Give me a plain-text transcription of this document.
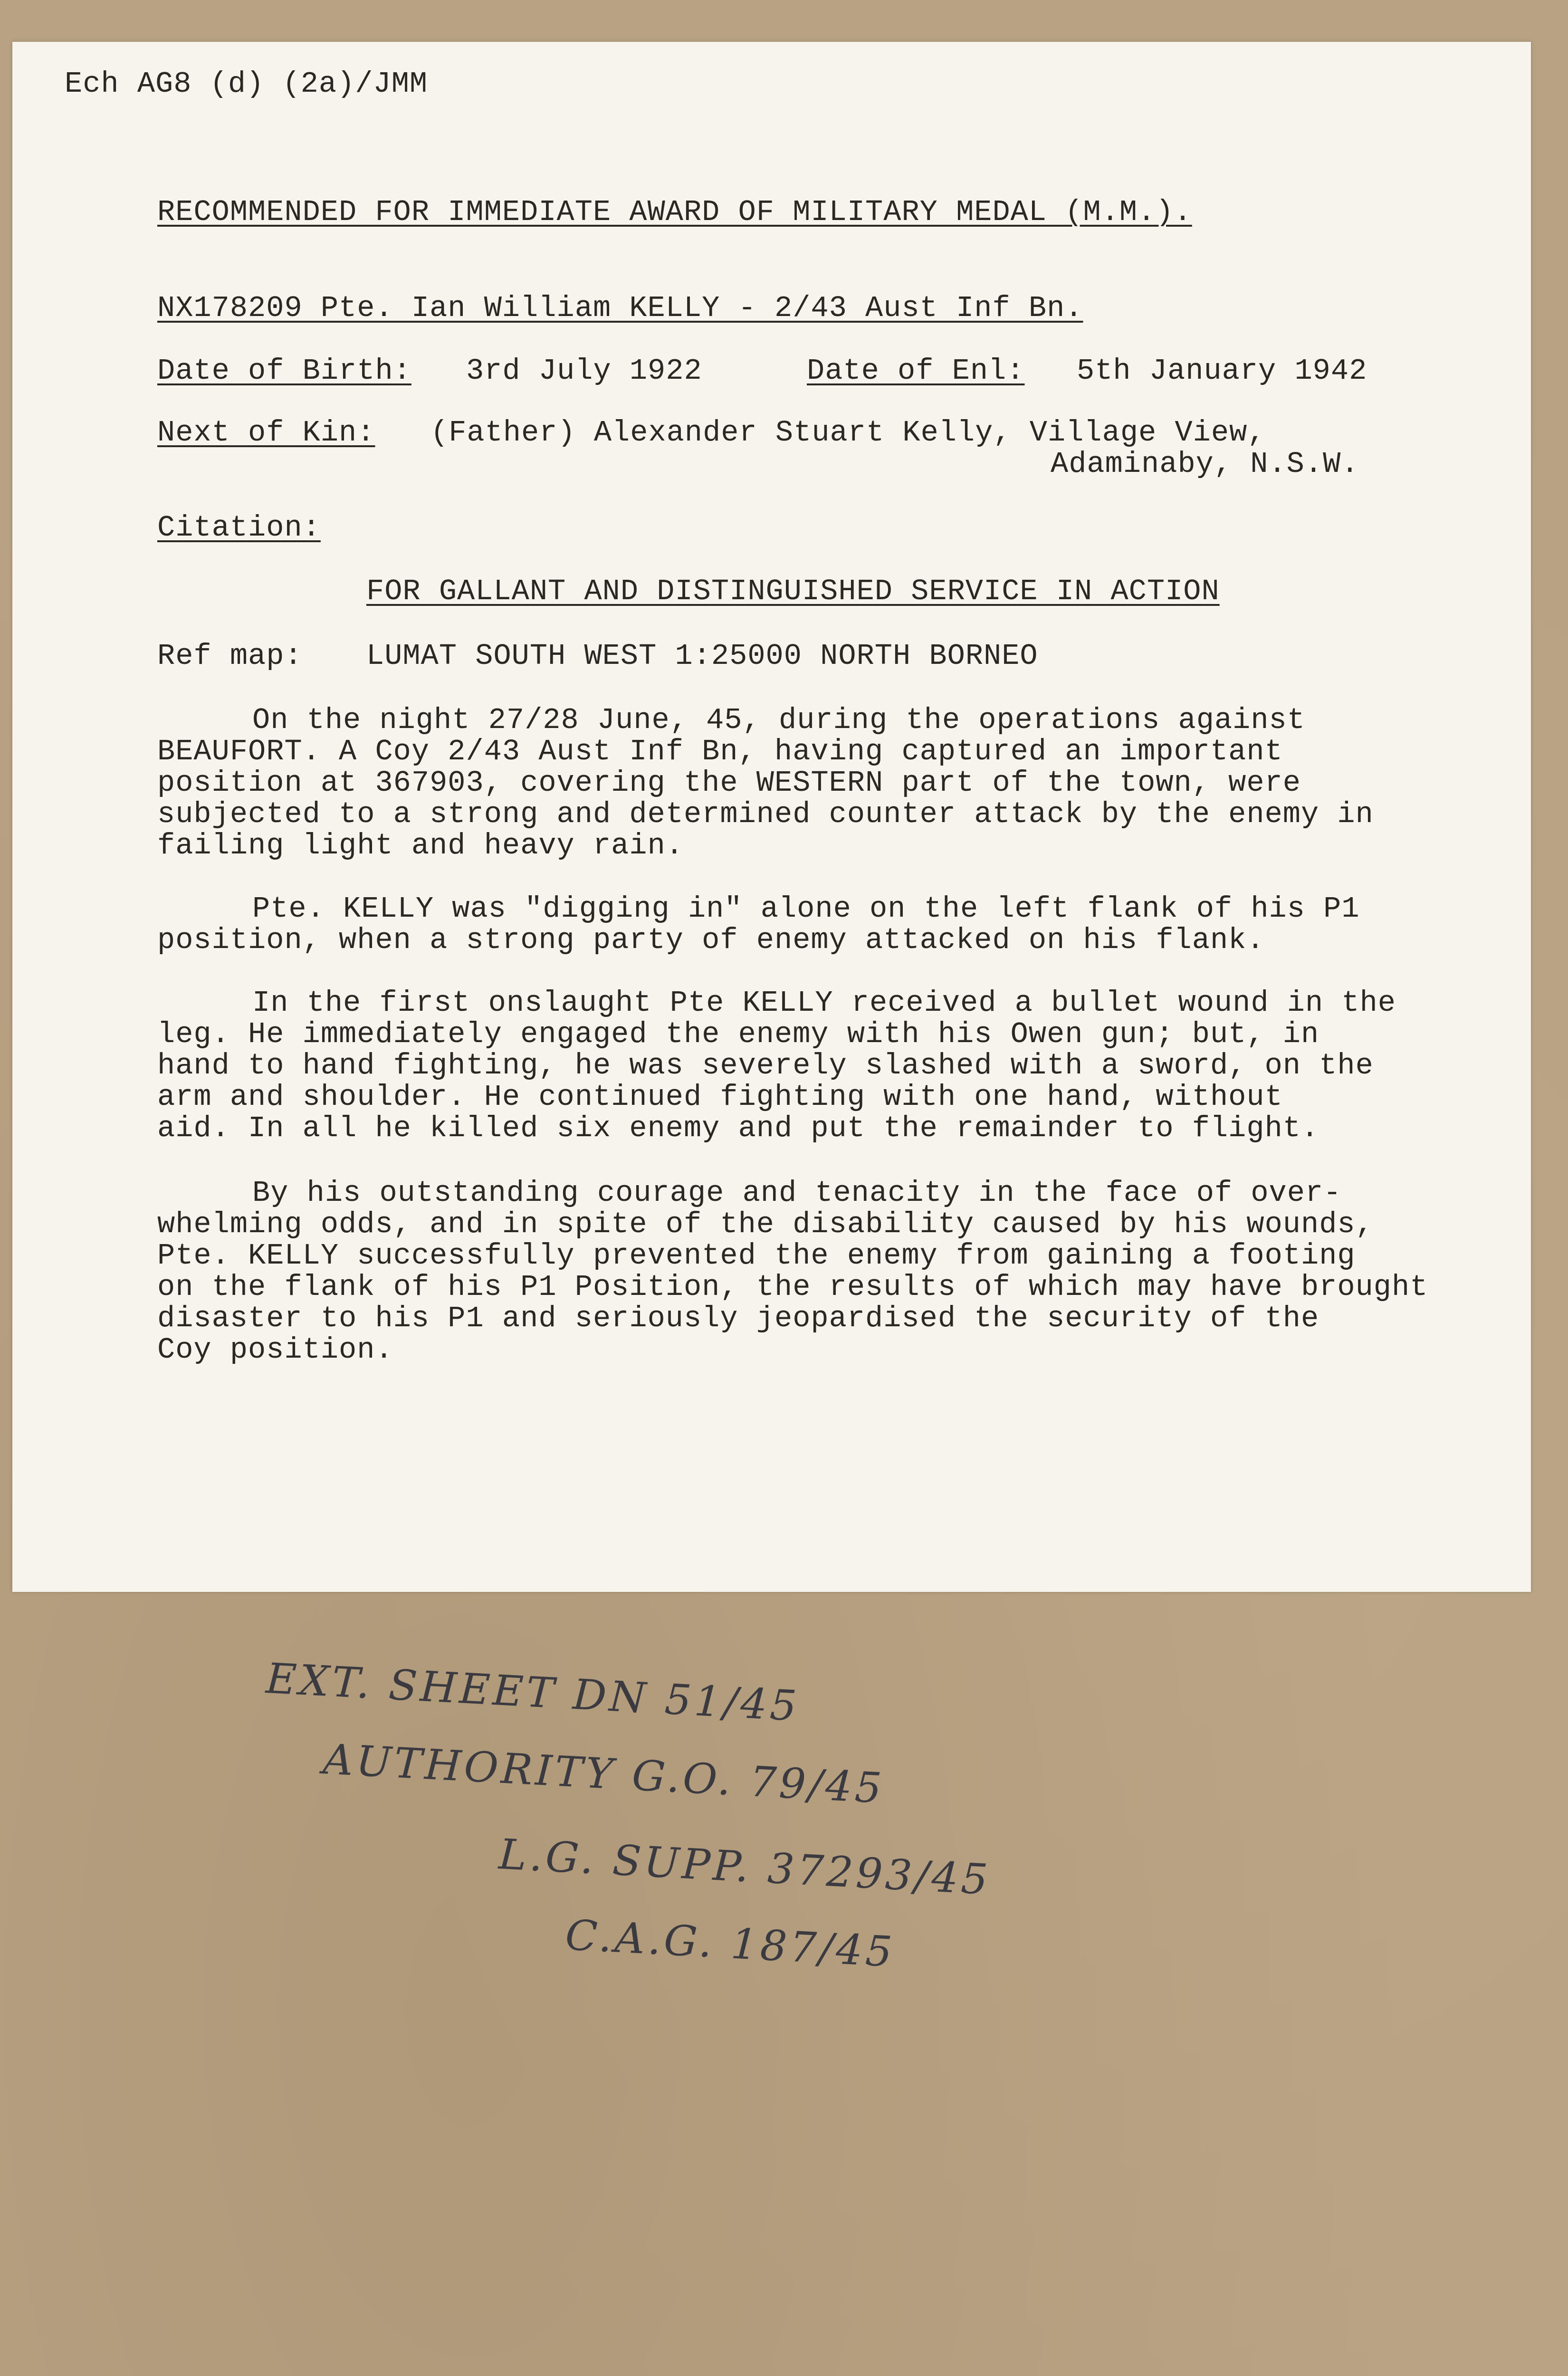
Ech AG8 (d) (2a)/JMM
RECOMMENDED FOR IMMEDIATE AWARD OF MILITARY MEDAL (M.M.).
NX178209 Pte. Ian William KELLY - 2/43 Aust Inf Bn.
Date of Birth: 3rd July 1922	Date of Enl: 5th January 1942
Next of Kin: (Father) Alexander Stuart Kelly, Village View,
Adaminaby, N.S.W.
Citation:
FOR GALLANT AND DISTINGUISHED SERVICE IN ACTION
Ref map: LUMAT SOUTH WEST 1:25000 NORTH BORNEO
On the night 27/28 June, 45, during the operations against
BEAUFORT. A Coy 2/43 Aust Inf Bn, having captured an important
position at 367903, covering the WESTERN part of the town, were
subjected to a strong and determined counter attack by the enemy in
failing light and heavy rain.
Pte. KELLY was "digging in" alone on the left flank of his P1
position, when a strong party of enemy attacked on his flank.
In the first onslaught Pte KELLY received a bullet wound in the
leg. He immediately engaged the enemy with his Owen gun; but, in
hand to hand fighting, he was severely slashed with a sword, on the
arm and shoulder. He continued fighting with one hand, without
aid. In all he killed six enemy and put the remainder to flight.
By his outstanding courage and tenacity in the face of over-
whelming odds, and in spite of the disability caused by his wounds,
Pte. KELLY successfully prevented the enemy from gaining a footing
on the flank of his P1 Position, the results of which may have brought
disaster to his P1 and seriously jeopardised the security of the
Coy position.
EXT. SHEET DN 51/45
AUTHORITY G.O. 79/45
L.G. SUPP. 37293/45
C.A.G. 187/45
